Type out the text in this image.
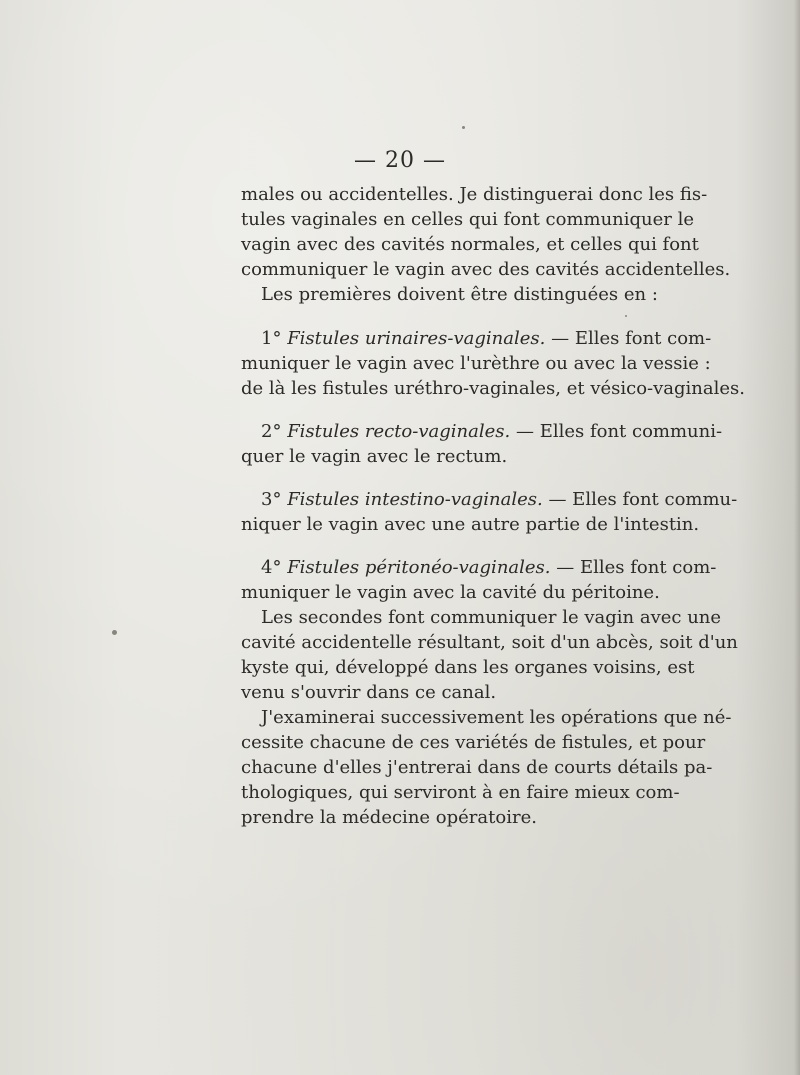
— 20 —
males ou accidentelles. Je distinguerai donc les fis-
tules vaginales en celles qui font communiquer le
vagin avec des cavités normales, et celles qui font
communiquer le vagin avec des cavités accidentelles.
Les premières doivent être distinguées en :
1° Fistules urinaires-vaginales. — Elles font com-
muniquer le vagin avec l'urèthre ou avec la vessie :
de là les fistules uréthro-vaginales, et vésico-vaginales.
2° Fistules recto-vaginales. — Elles font communi-
quer le vagin avec le rectum.
3° Fistules intestino-vaginales. — Elles font commu-
niquer le vagin avec une autre partie de l'intestin.
4° Fistules péritonéo-vaginales. — Elles font com-
muniquer le vagin avec la cavité du péritoine.
Les secondes font communiquer le vagin avec une
cavité accidentelle résultant, soit d'un abcès, soit d'un
kyste qui, développé dans les organes voisins, est
venu s'ouvrir dans ce canal.
J'examinerai successivement les opérations que né-
cessite chacune de ces variétés de fistules, et pour
chacune d'elles j'entrerai dans de courts détails pa-
thologiques, qui serviront à en faire mieux com-
prendre la médecine opératoire.
